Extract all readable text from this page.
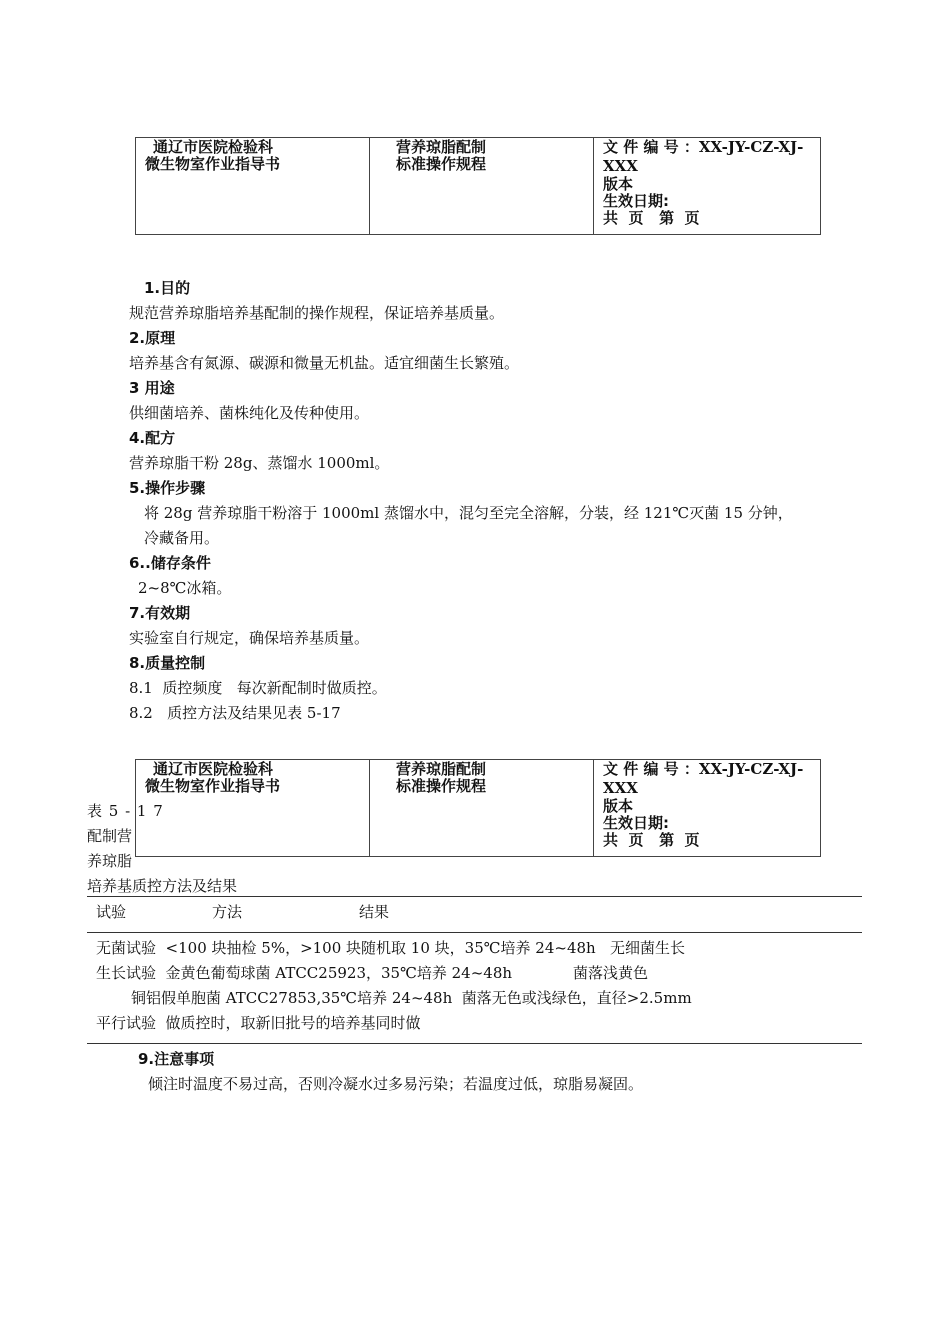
通辽市医院检验科
微生物室作业指导书
营养琼脂配制
标准操作规程
文 件 编 号 ：XX-JY-CZ-XJ-
XXX
版本
生效日期:
共  页   第  页
1.目的
规范营养琼脂培养基配制的操作规程，保证培养基质量。
2.原理
培养基含有氮源、碳源和微量无机盐。适宜细菌生长繁殖。
3 用途
供细菌培养、菌株纯化及传种使用。
4.配方
营养琼脂干粉 28g、蒸馏水 1000ml。
5.操作步骤
将 28g 营养琼脂干粉溶于 1000ml 蒸馏水中，混匀至完全溶解，分装，经 121℃灭菌 15 分钟，
冷藏备用。
6..储存条件
2~8℃冰箱。
7.有效期
实验室自行规定，确保培养基质量。
8.质量控制
8.1  质控频度   每次新配制时做质控。
8.2   质控方法及结果见表 5-17
通辽市医院检验科
微生物室作业指导书
营养琼脂配制
标准操作规程
文 件 编 号 ：XX-JY-CZ-XJ-
XXX
版本
生效日期:
共  页   第  页
表 5 - 1 7
配制营
养琼脂
培养基质控方法及结果
试验	方法	结果
无菌试验  <100 块抽检 5%，>100 块随机取 10 块，35℃培养 24~48h   无细菌生长
生长试验  金黄色葡萄球菌 ATCC25923，35℃培养 24~48h	菌落浅黄色
铜铝假单胞菌 ATCC27853,35℃培养 24~48h  菌落无色或浅绿色，直径>2.5mm
平行试验  做质控时，取新旧批号的培养基同时做
9.注意事项
倾注时温度不易过高，否则冷凝水过多易污染；若温度过低，琼脂易凝固。
